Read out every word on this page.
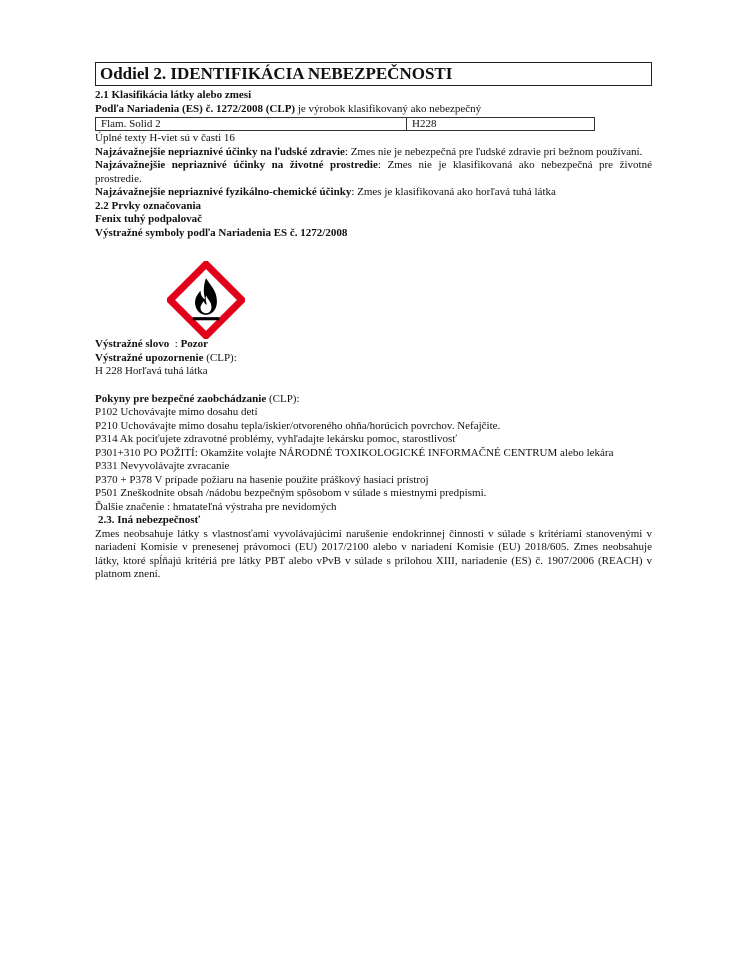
Oddiel 2. IDENTIFIKÁCIA NEBEZPEČNOSTI

2.1 Klasifikácia látky alebo zmesi

Podľa Nariadenia (ES) č. 1272/2008 (CLP) je výrobok klasifikovaný ako nebezpečný

Flam. Solid 2	H228

Úplné texty H-viet sú v časti 16

Najzávažnejšie nepriaznivé účinky na ľudské zdravie: Zmes nie je nebezpečná pre ľudské zdravie pri bežnom používaní.

Najzávažnejšie nepriaznivé účinky na životné prostredie: Zmes nie je klasifikovaná ako nebezpečná pre životné prostredie.

Najzávažnejšie nepriaznivé fyzikálno-chemické účinky: Zmes je klasifikovaná ako horľavá tuhá látka

2.2 Prvky označovania

Fenix tuhý podpalovač

Výstražné symboly podľa Nariadenia ES č. 1272/2008

Výstražné slovo  : Pozor

Výstražné upozornenie (CLP):

H 228 Horľavá tuhá látka

Pokyny pre bezpečné zaobchádzanie (CLP):

P102 Uchovávajte mimo dosahu detí

P210 Uchovávajte mimo dosahu tepla/iskier/otvoreného ohňa/horúcich povrchov. Nefajčite.

P314 Ak pociťujete zdravotné problémy, vyhľadajte lekársku pomoc, starostlivosť

P301+310 PO POŽITÍ: Okamžite volajte NÁRODNÉ TOXIKOLOGICKÉ INFORMAČNÉ CENTRUM alebo lekára

P331 Nevyvolávajte zvracanie

P370 + P378 V prípade požiaru na hasenie použite práškový hasiaci prístroj

P501 Zneškodnite obsah /nádobu bezpečným spôsobom v súlade s miestnymi predpismi.

Ďalšie značenie : hmatateľná výstraha pre nevidomých

2.3. Iná nebezpečnosť

Zmes neobsahuje látky s vlastnosťami vyvolávajúcimi narušenie endokrinnej činnosti v súlade s kritériami stanovenými v nariadení Komisie v prenesenej právomoci (EU) 2017/2100 alebo v nariadení Komisie (EU) 2018/605. Zmes neobsahuje látky, ktoré spĺňajú kritériá pre látky PBT alebo vPvB v súlade s prílohou XIII, nariadenie (ES) č. 1907/2006 (REACH) v platnom znení.
